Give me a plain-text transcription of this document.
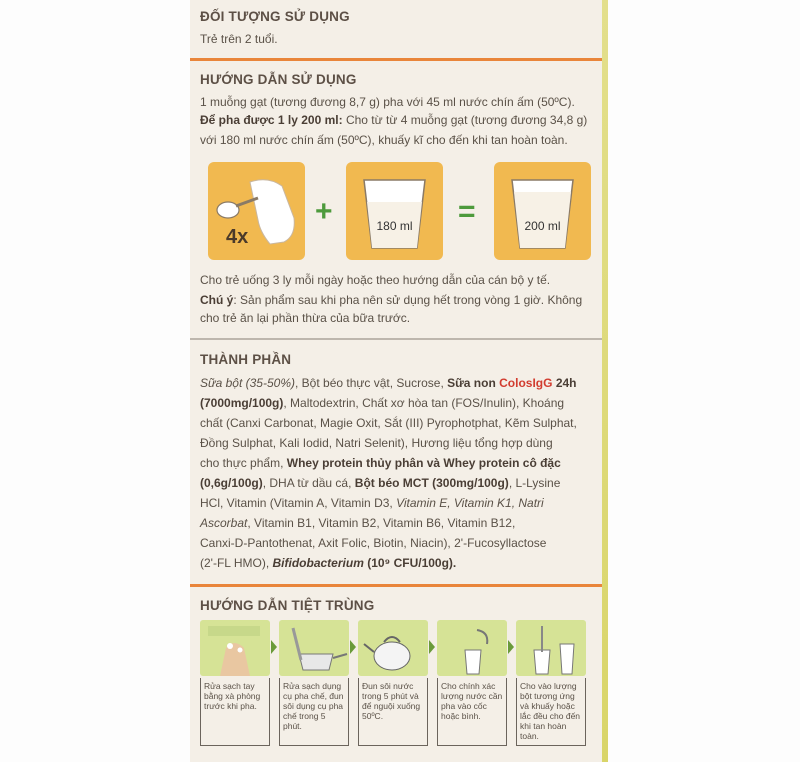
ĐỐI TƯỢNG SỬ DỤNG
Trẻ trên 2 tuổi.
HƯỚNG DẪN SỬ DỤNG
1 muỗng gạt (tương đương 8,7 g) pha với 45 ml nước chín ấm (50ºC).
Để pha được 1 ly 200 ml: Cho từ từ 4 muỗng gạt (tương đương 34,8 g)
với 180 ml nước chín ấm (50ºC), khuấy kĩ cho đến khi tan hoàn toàn.
4x
+	180 ml	=	200 ml
Cho trẻ uống 3 ly mỗi ngày hoặc theo hướng dẫn của cán bộ y tế.
Chú ý: Sản phẩm sau khi pha nên sử dụng hết trong vòng 1 giờ. Không
cho trẻ ăn lại phần thừa của bữa trước.
THÀNH PHẦN
Sữa bột (35-50%), Bột béo thực vật, Sucrose, Sữa non ColosIgG 24h
(7000mg/100g), Maltodextrin, Chất xơ hòa tan (FOS/Inulin), Khoáng
chất (Canxi Carbonat, Magie Oxit, Sắt (III) Pyrophotphat, Kẽm Sulphat,
Đồng Sulphat, Kali Iodid, Natri Selenit), Hương liệu tổng hợp dùng
cho thực phẩm, Whey protein thủy phân và Whey protein cô đặc
(0,6g/100g), DHA từ dầu cá, Bột béo MCT (300mg/100g), L-Lysine
HCl, Vitamin (Vitamin A, Vitamin D3, Vitamin E, Vitamin K1, Natri
Ascorbat, Vitamin B1, Vitamin B2, Vitamin B6, Vitamin B12,
Canxi-D-Pantothenat, Axit Folic, Biotin, Niacin), 2'-Fucosyllactose
(2'-FL HMO), Bifidobacterium (10⁹ CFU/100g).
HƯỚNG DẪN TIỆT TRÙNG
Rửa sạch tay bằng xà phòng trước khi pha.
Rửa sạch dụng cụ pha chế, đun sôi dụng cụ pha chế trong 5 phút.
Đun sôi nước trong 5 phút và để nguội xuống 50ºC.
Cho chính xác lượng nước cần pha vào cốc hoặc bình.
Cho vào lượng bột tương ứng và khuấy hoặc lắc đều cho đến khi tan hoàn toàn.
